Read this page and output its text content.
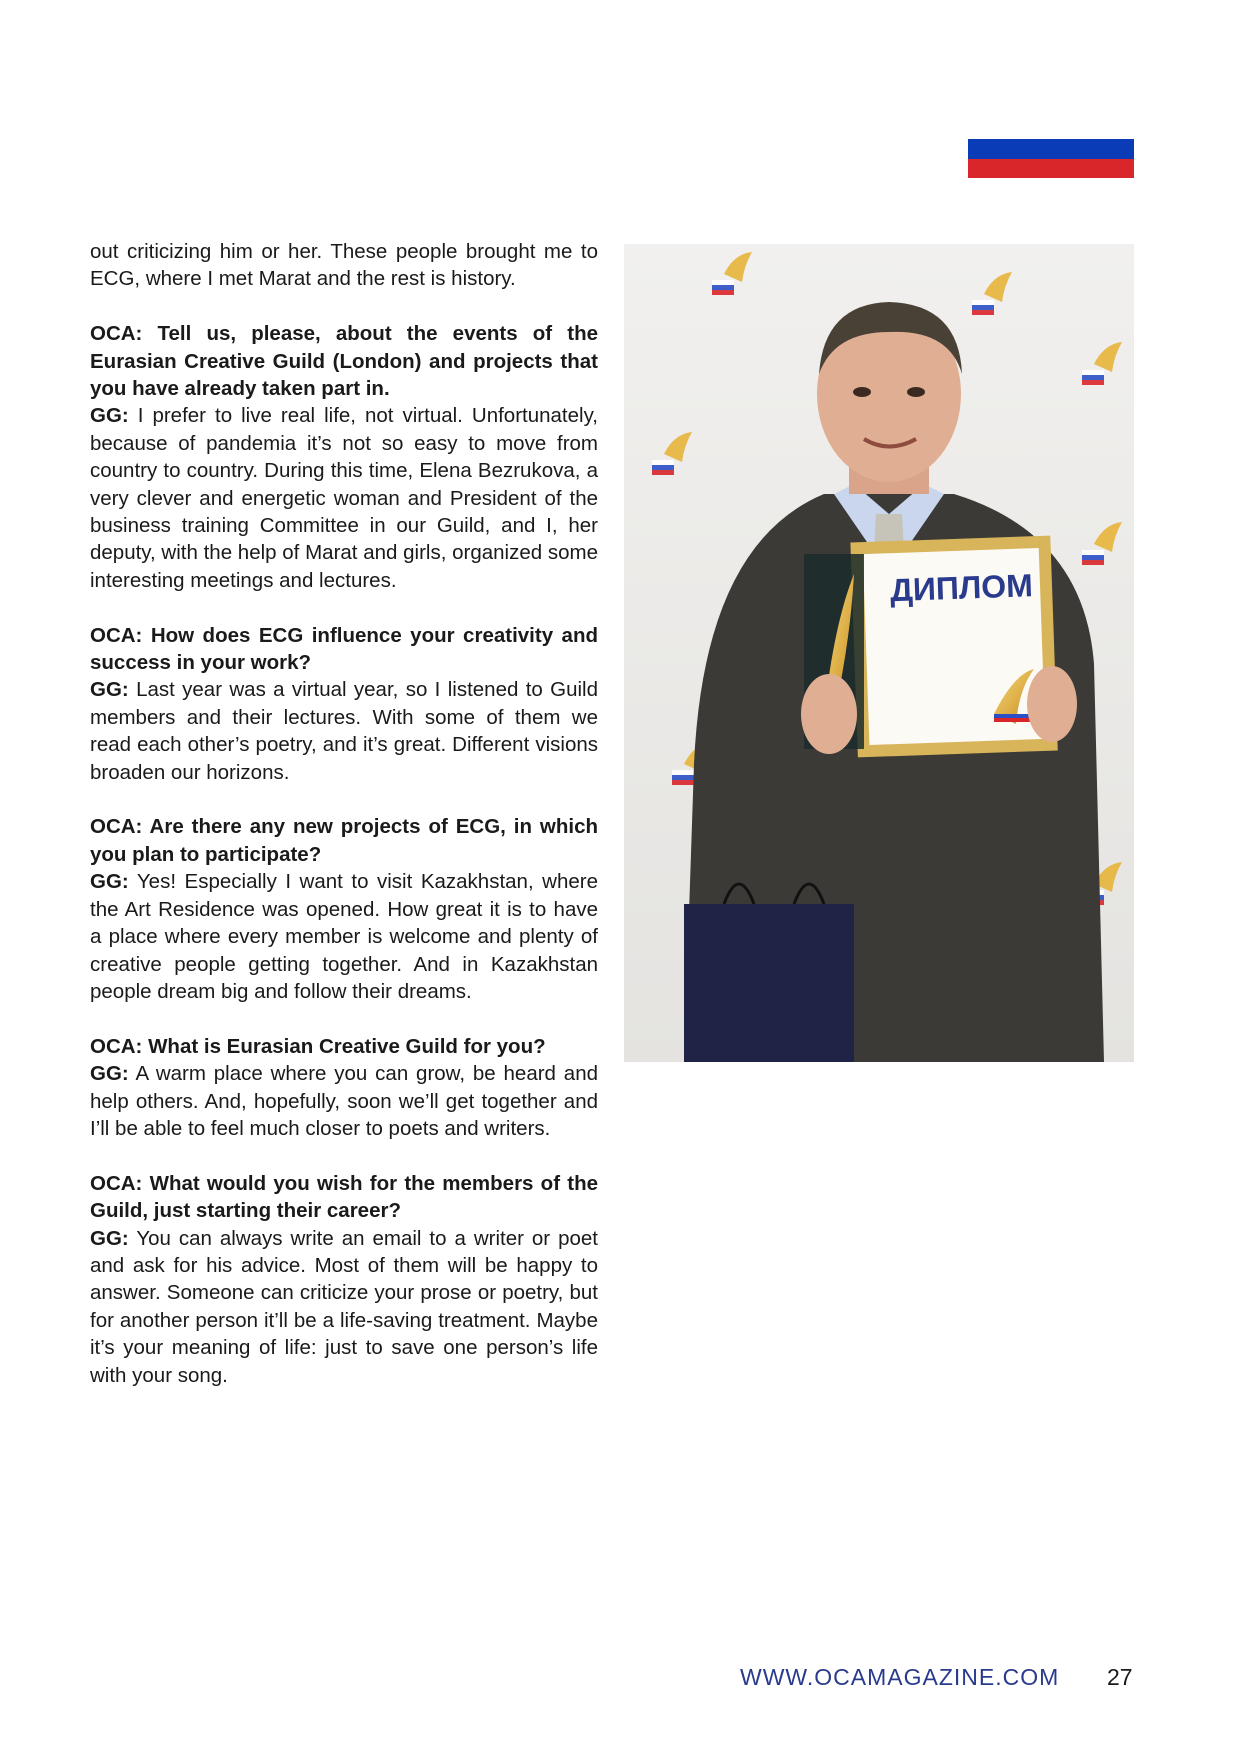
out criticizing him or her. These people brought me to ECG, where I met Marat and the rest is history.

OCA: Tell us, please, about the events of the Eurasian Creative Guild (London) and projects that you have already taken part in.
GG: I prefer to live real life, not virtual. Unfortunately, because of pandemia it’s not so easy to move from country to country. During this time, Elena Bezrukova, a very clever and energetic woman and President of the business training Committee in our Guild, and I, her deputy, with the help of Marat and girls, organized some interesting meetings and lectures.

OCA: How does ECG influence your creativity and success in your work?
GG: Last year was a virtual year, so I listened to Guild members and their lectures. With some of them we read each other’s poetry, and it’s great. Different visions broaden our horizons.

OCA: Are there any new projects of ECG, in which you plan to participate?
GG: Yes! Especially I want to visit Kazakhstan, where the Art Residence was opened. How great it is to have a place where every member is welcome and plenty of creative people getting together. And in Kazakhstan people dream big and follow their dreams.

OCA: What is Eurasian Creative Guild for you?
GG: A warm place where you can grow, be heard and help others. And, hopefully, soon we’ll get together and I’ll be able to feel much closer to poets and writers.

OCA: What would you wish for the members of the Guild, just starting their career?
GG: You can always write an email to a writer or poet and ask for his advice. Most of them will be happy to answer. Someone can criticize your prose or poetry, but for another person it’ll be a life-saving treatment. Maybe it’s your meaning of life: just to save one person’s life with your song.

ДИПЛОМ
WWW.OCAMAGAZINE.COM 27
